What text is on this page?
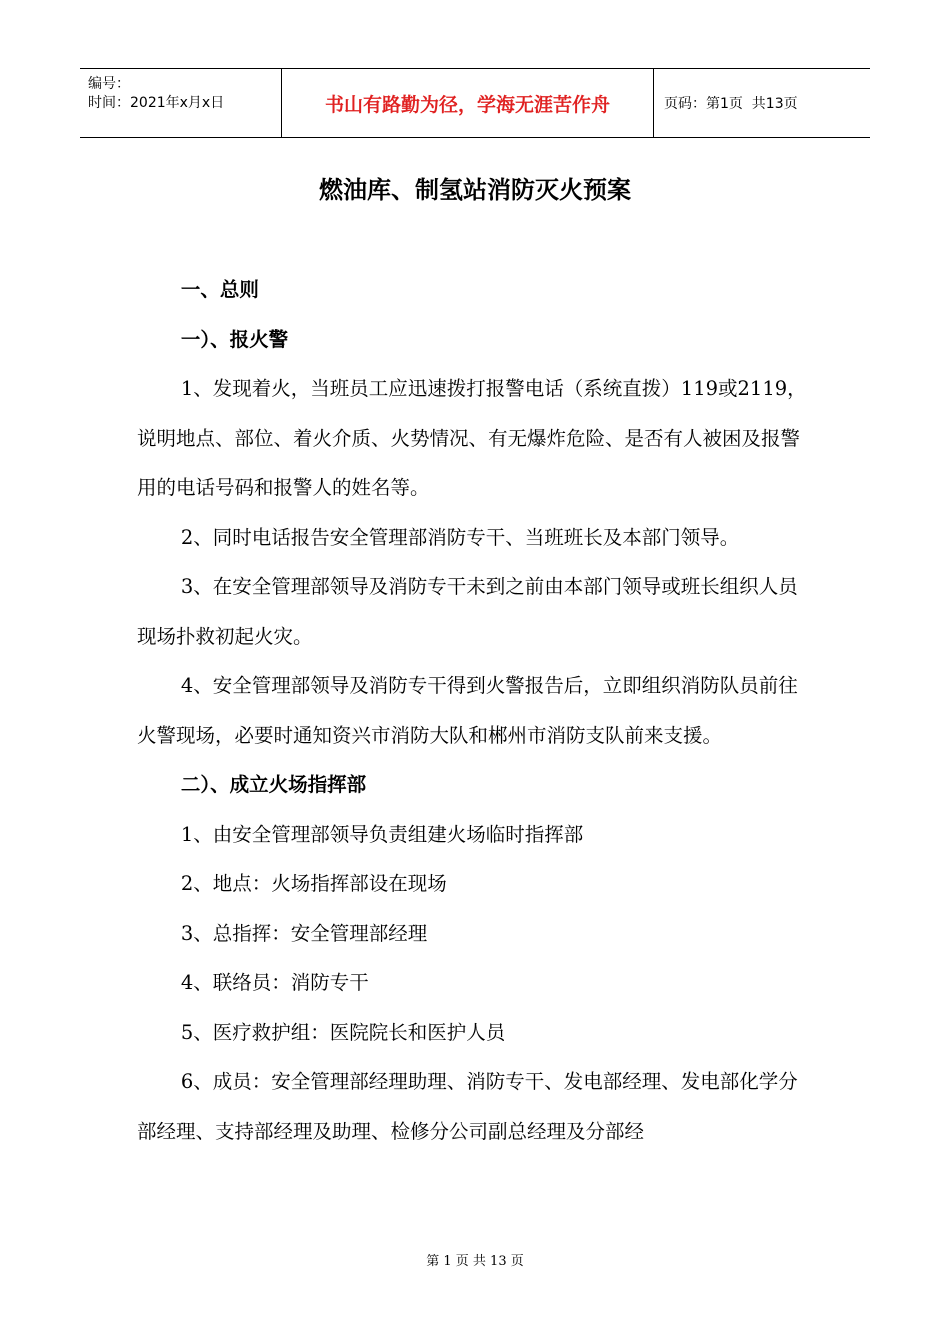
编号：
时间：2021年x月x日	书山有路勤为径，学海无涯苦作舟	页码：第1页  共13页
燃油库、制氢站消防灭火预案

一、总则

一）、报火警

1、发现着火，当班员工应迅速拨打报警电话（系统直拨）119或2119，说明地点、部位、着火介质、火势情况、有无爆炸危险、是否有人被困及报警用的电话号码和报警人的姓名等。

2、同时电话报告安全管理部消防专干、当班班长及本部门领导。

3、在安全管理部领导及消防专干未到之前由本部门领导或班长组织人员现场扑救初起火灾。

4、安全管理部领导及消防专干得到火警报告后，立即组织消防队员前往火警现场，必要时通知资兴市消防大队和郴州市消防支队前来支援。

二）、成立火场指挥部

1、由安全管理部领导负责组建火场临时指挥部

2、地点：火场指挥部设在现场

3、总指挥：安全管理部经理

4、联络员：消防专干

5、医疗救护组：医院院长和医护人员

6、成员：安全管理部经理助理、消防专干、发电部经理、发电部化学分部经理、支持部经理及助理、检修分公司副总经理及分部经

第 1 页 共 13 页
